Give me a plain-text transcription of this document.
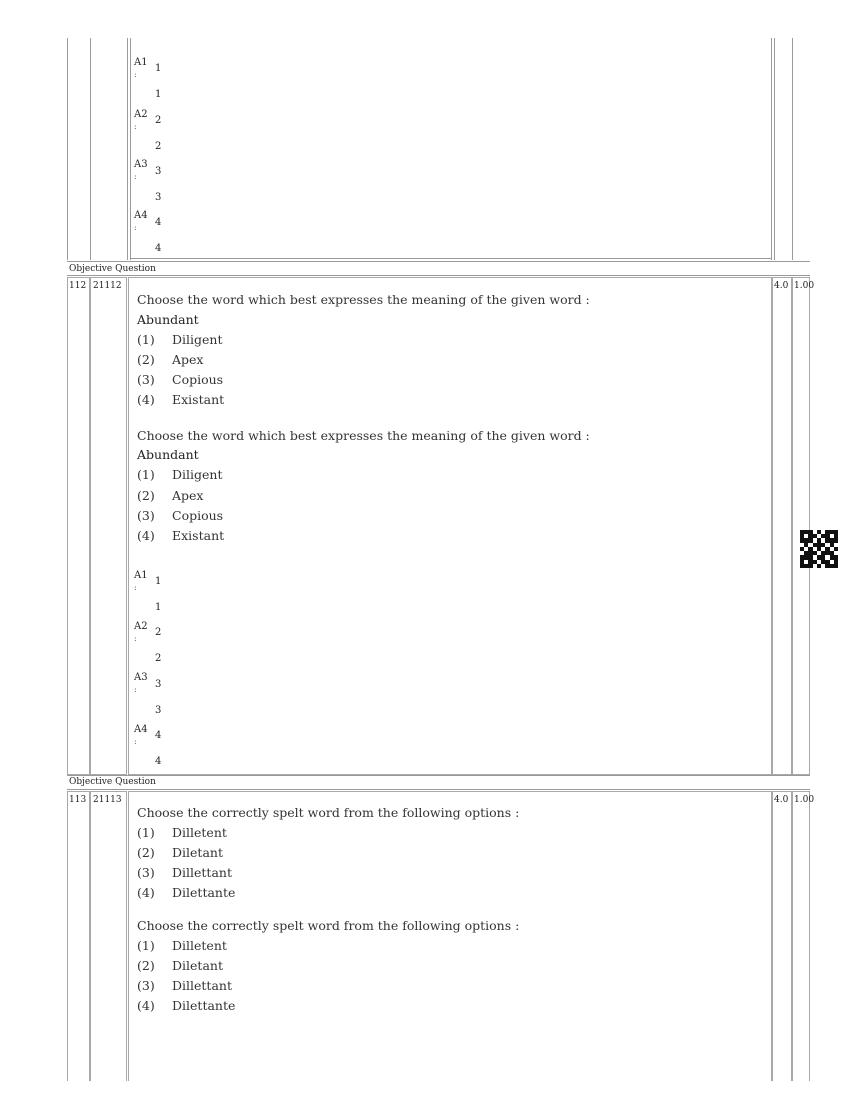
A1
:
1
1
A2
:
2
2
A3
: 3
3
A4
: 4
4
Objective Question
112 21112	4.0 1.00
Choose the word which best expresses the meaning of the given word :
Abundant
(1) Diligent
(2) Apex
(3) Copious
(4) Existant
Choose the word which best expresses the meaning of the given word :
Abundant
(1) Diligent
(2) Apex
(3) Copious
(4) Existant
A1
:
1
1
A2
:
2
2
A3
: 3
3
A4
:
4
4
Objective Question
113 21113	4.0 1.00
Choose the correctly spelt word from the following options :
(1) Dilletent
(2) Diletant
(3) Dillettant
(4) Dilettante
Choose the correctly spelt word from the following options :
(1) Dilletent
(2) Diletant
(3) Dillettant
(4) Dilettante
